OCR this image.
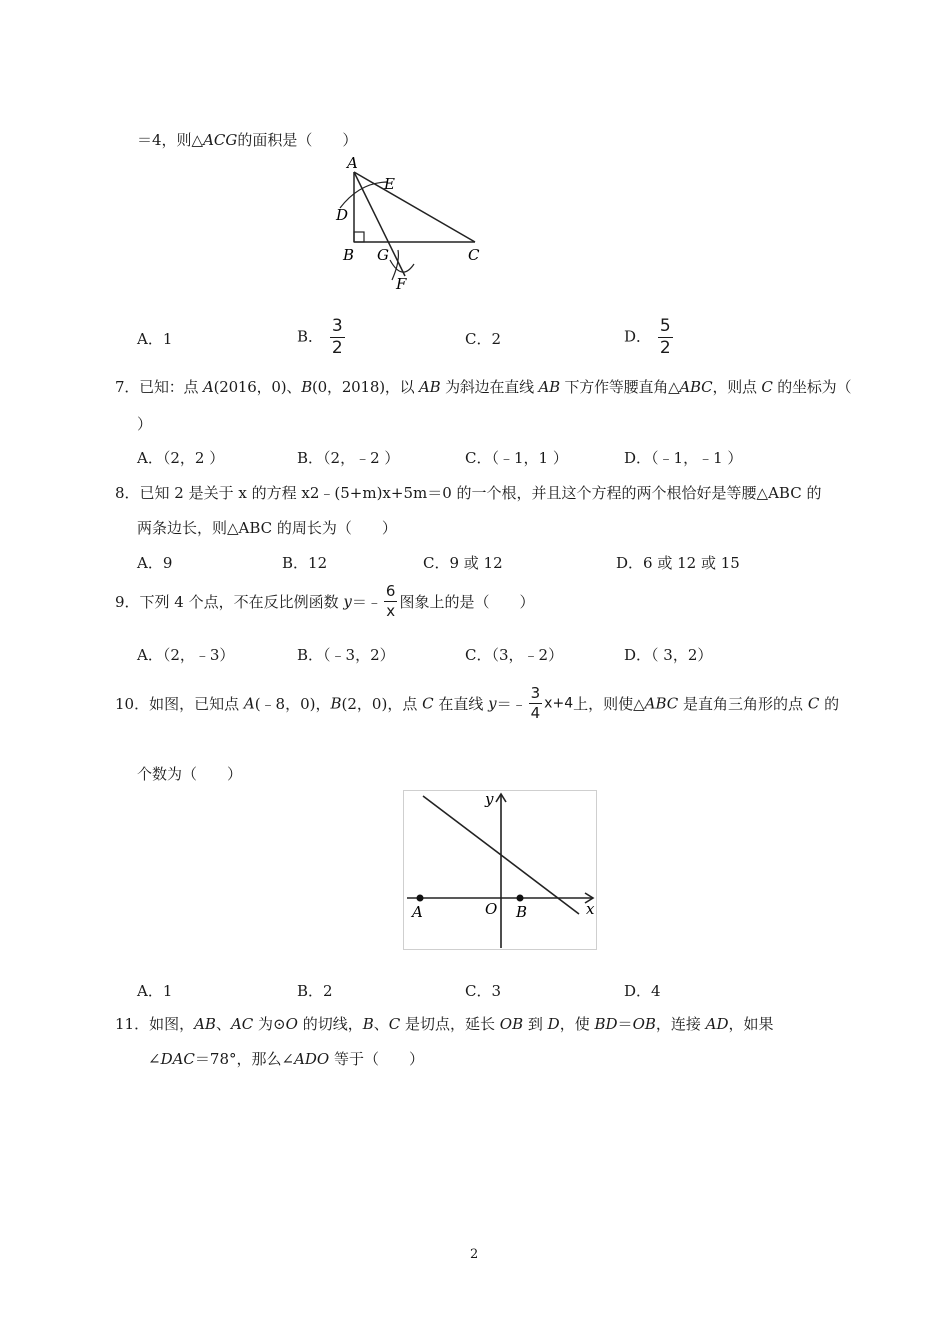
＝4，则△ACG的面积是（　　）
A
E
D
B G	C
F
A．1	B． $\frac{3}{2}$	C．2	D． $\frac{5}{2}$
7．已知：点 A(2016，0)、B(0，2018)，以 AB 为斜边在直线 AB 下方作等腰直角△ABC，则点 C 的坐标为（
）
A．（2，2 ）	B．（2，﹣2 ）	C．（﹣1，1 ）	D．（﹣1，﹣1 ）
8．已知 2 是关于 x 的方程 x2﹣(5+m)x+5m＝0 的一个根，并且这个方程的两个根恰好是等腰△ABC 的
两条边长，则△ABC 的周长为（　　）
A．9	B．12	C．9 或 12	D．6 或 12 或 15
9．下列 4 个点，不在反比例函数 y＝﹣ $\frac{6}{x}$ 图象上的是（　　）
A．（2，﹣3）	B．（﹣3，2）	C．（3，﹣2）	D．（ 3，2）
10．如图，已知点 A(﹣8，0)，B(2，0)，点 C 在直线 y＝﹣ $\frac{3}{4} x+4$上，则使△ABC 是直角三角形的点 C 的
个数为（　　）
y
x
O
A	B
A．1	B．2	C．3	D．4
11．如图，AB、AC 为⊙O 的切线，B、C 是切点，延长 OB 到 D，使 BD＝OB，连接 AD，如果
∠DAC＝78°，那么∠ADO 等于（　　）
2
